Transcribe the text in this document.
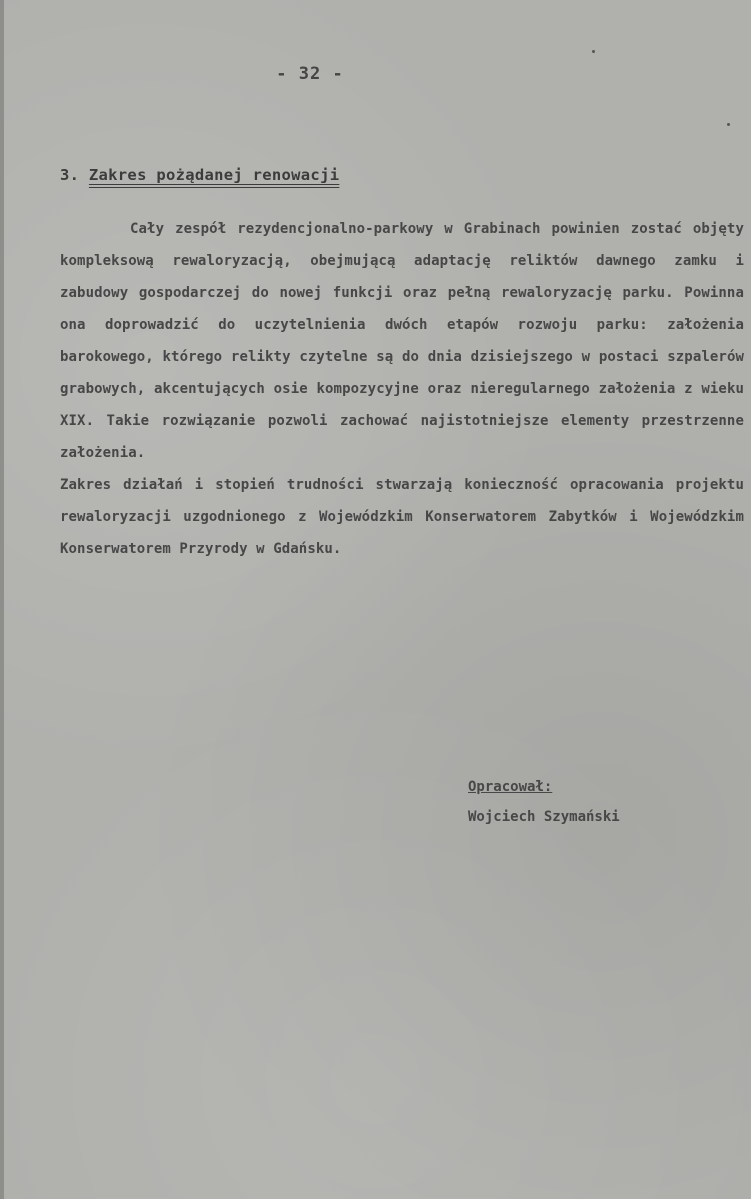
- 32 -
3. Zakres pożądanej renowacji

Cały zespół rezydencjonalno-parkowy w Grabinach powinien zostać objęty kompleksową rewaloryzacją, obejmującą adaptację reliktów dawnego zamku i zabudowy gospodarczej do nowej funkcji oraz pełną rewaloryzację parku. Powinna ona doprowadzić do uczytelnienia dwóch etapów rozwoju parku: założenia barokowego, którego relikty czytelne są do dnia dzisiejszego w postaci szpalerów grabowych, akcentujących osie kompozycyjne oraz nieregularnego założenia z wieku XIX. Takie rozwiązanie pozwoli zachować najistotniejsze elementy przestrzenne założenia.

Zakres działań i stopień trudności stwarzają konieczność opracowania projektu rewaloryzacji uzgodnionego z Wojewódzkim Konserwatorem Zabytków i Wojewódzkim Konserwatorem Przyrody w Gdańsku.

Opracował:
Wojciech Szymański
